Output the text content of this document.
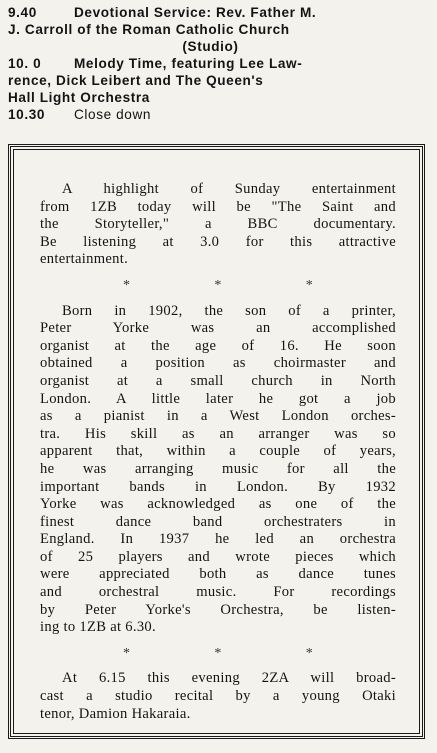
9.40	Devotional Service: Rev. Father M.
J. Carroll of the Roman Catholic Church
(Studio)
10. 0	Melody Time, featuring Lee Law-
rence, Dick Leibert and The Queen's
Hall Light Orchestra
10.30	Close down

A highlight of Sunday entertainment
from 1ZB today will be "The Saint and
the Storyteller," a BBC documentary.
Be listening at 3.0 for this attractive
entertainment.

*	*	*

Born in 1902, the son of a printer,
Peter Yorke was an accomplished
organist at the age of 16. He soon
obtained a position as choirmaster and
organist at a small church in North
London. A little later he got a job
as a pianist in a West London orches-
tra. His skill as an arranger was so
apparent that, within a couple of years,
he was arranging music for all the
important bands in London. By 1932
Yorke was acknowledged as one of the
finest dance band orchestraters in
England. In 1937 he led an orchestra
of 25 players and wrote pieces which
were appreciated both as dance tunes
and orchestral music. For recordings
by Peter Yorke's Orchestra, be listen-
ing to 1ZB at 6.30.

*	*	*

At 6.15 this evening 2ZA will broad-
cast a studio recital by a young Otaki
tenor, Damion Hakaraia.
